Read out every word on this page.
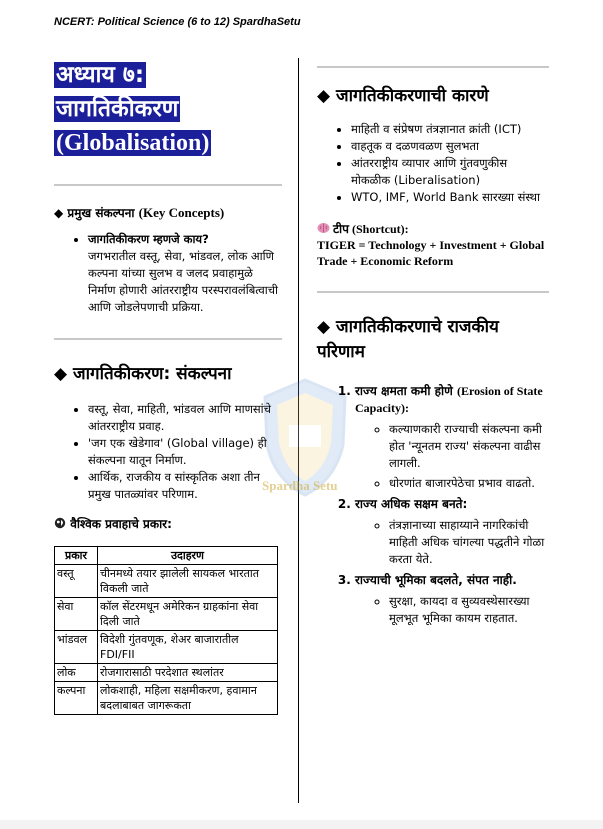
NCERT: Political Science (6 to 12) SpardhaSetu
Spardha Setu
अध्याय ७:
जागतिकीकरण
(Globalisation)
◆ प्रमुख संकल्पना (Key Concepts)
• जागतिकीकरण म्हणजे काय?
जगभरातील वस्तू, सेवा, भांडवल, लोक आणि कल्पना यांच्या सुलभ व जलद प्रवाहामुळे निर्माण होणारी आंतरराष्ट्रीय परस्परावलंबित्वाची आणि जोडलेपणाची प्रक्रिया.
◆ जागतिकीकरण: संकल्पना
• वस्तू, सेवा, माहिती, भांडवल आणि माणसांचे आंतरराष्ट्रीय प्रवाह.
• 'जग एक खेडेगाव' (Global village) ही संकल्पना यातून निर्माण.
• आर्थिक, राजकीय व सांस्कृतिक अशा तीन प्रमुख पातळ्यांवर परिणाम.
वैश्विक प्रवाहाचे प्रकार:
प्रकार	उदाहरण
वस्तू	चीनमध्ये तयार झालेली सायकल भारतात विकली जाते
सेवा	कॉल सेंटरमधून अमेरिकन ग्राहकांना सेवा दिली जाते
भांडवल	विदेशी गुंतवणूक, शेअर बाजारातील FDI/FII
लोक	रोजगारासाठी परदेशात स्थलांतर
कल्पना	लोकशाही, महिला सक्षमीकरण, हवामान बदलाबाबत जागरूकता
◆ जागतिकीकरणाची कारणे
• माहिती व संप्रेषण तंत्रज्ञानात क्रांती (ICT)
• वाहतूक व दळणवळण सुलभता
• आंतरराष्ट्रीय व्यापार आणि गुंतवणुकीस मोकळीक (Liberalisation)
• WTO, IMF, World Bank सारख्या संस्था
टीप (Shortcut):
TIGER = Technology + Investment + Global Trade + Economic Reform
◆ जागतिकीकरणाचे राजकीय परिणाम
1. राज्य क्षमता कमी होणे (Erosion of State Capacity):
◦ कल्याणकारी राज्याची संकल्पना कमी होत 'न्यूनतम राज्य' संकल्पना वाढीस लागली.
◦ धोरणांत बाजारपेठेचा प्रभाव वाढतो.
2. राज्य अधिक सक्षम बनते:
◦ तंत्रज्ञानाच्या साहाय्याने नागरिकांची माहिती अधिक चांगल्या पद्धतीने गोळा करता येते.
3. राज्याची भूमिका बदलते, संपत नाही.
◦ सुरक्षा, कायदा व सुव्यवस्थेसारख्या मूलभूत भूमिका कायम राहतात.
